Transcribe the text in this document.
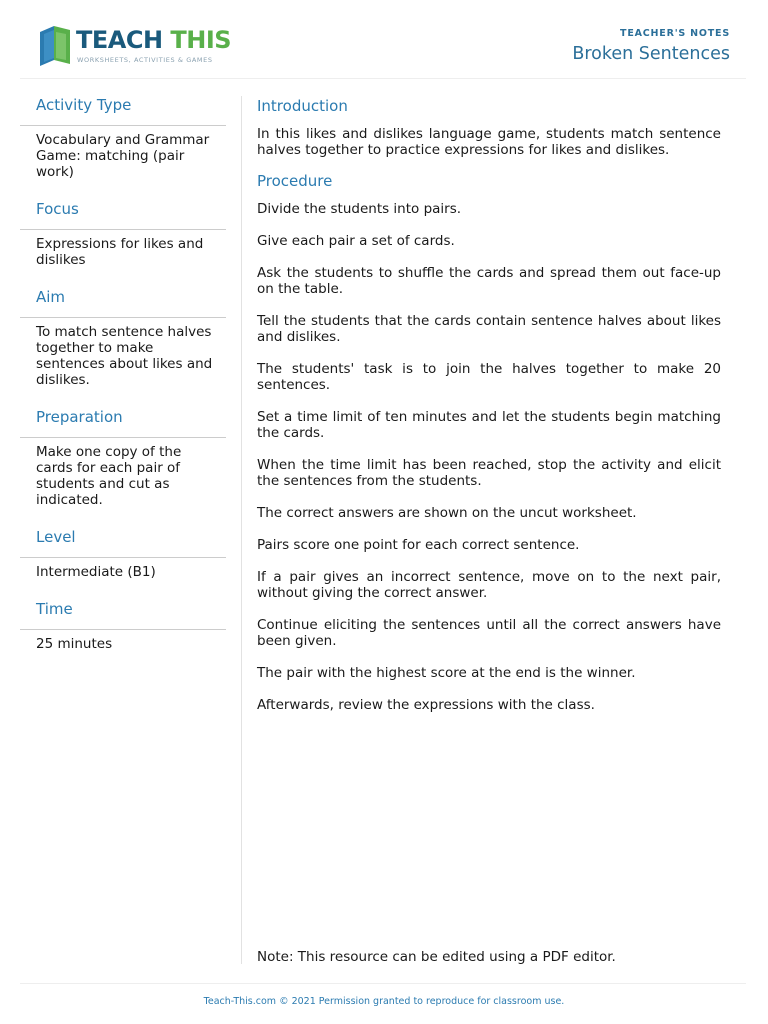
TEACH THIS
WORKSHEETS, ACTIVITIES & GAMES
TEACHER'S NOTES
Broken Sentences
Activity Type
Vocabulary and Grammar Game: matching (pair work)
Focus
Expressions for likes and dislikes
Aim
To match sentence halves together to make sentences about likes and dislikes.
Preparation
Make one copy of the cards for each pair of students and cut as indicated.
Level
Intermediate (B1)
Time
25 minutes
Introduction
In this likes and dislikes language game, students match sentence halves together to practice expressions for likes and dislikes.
Procedure
Divide the students into pairs.
Give each pair a set of cards.
Ask the students to shuffle the cards and spread them out face-up on the table.
Tell the students that the cards contain sentence halves about likes and dislikes.
The students' task is to join the halves together to make 20 sentences.
Set a time limit of ten minutes and let the students begin matching the cards.
When the time limit has been reached, stop the activity and elicit the sentences from the students.
The correct answers are shown on the uncut worksheet.
Pairs score one point for each correct sentence.
If a pair gives an incorrect sentence, move on to the next pair, without giving the correct answer.
Continue eliciting the sentences until all the correct answers have been given.
The pair with the highest score at the end is the winner.
Afterwards, review the expressions with the class.
Note: This resource can be edited using a PDF editor.
Teach-This.com © 2021 Permission granted to reproduce for classroom use.
